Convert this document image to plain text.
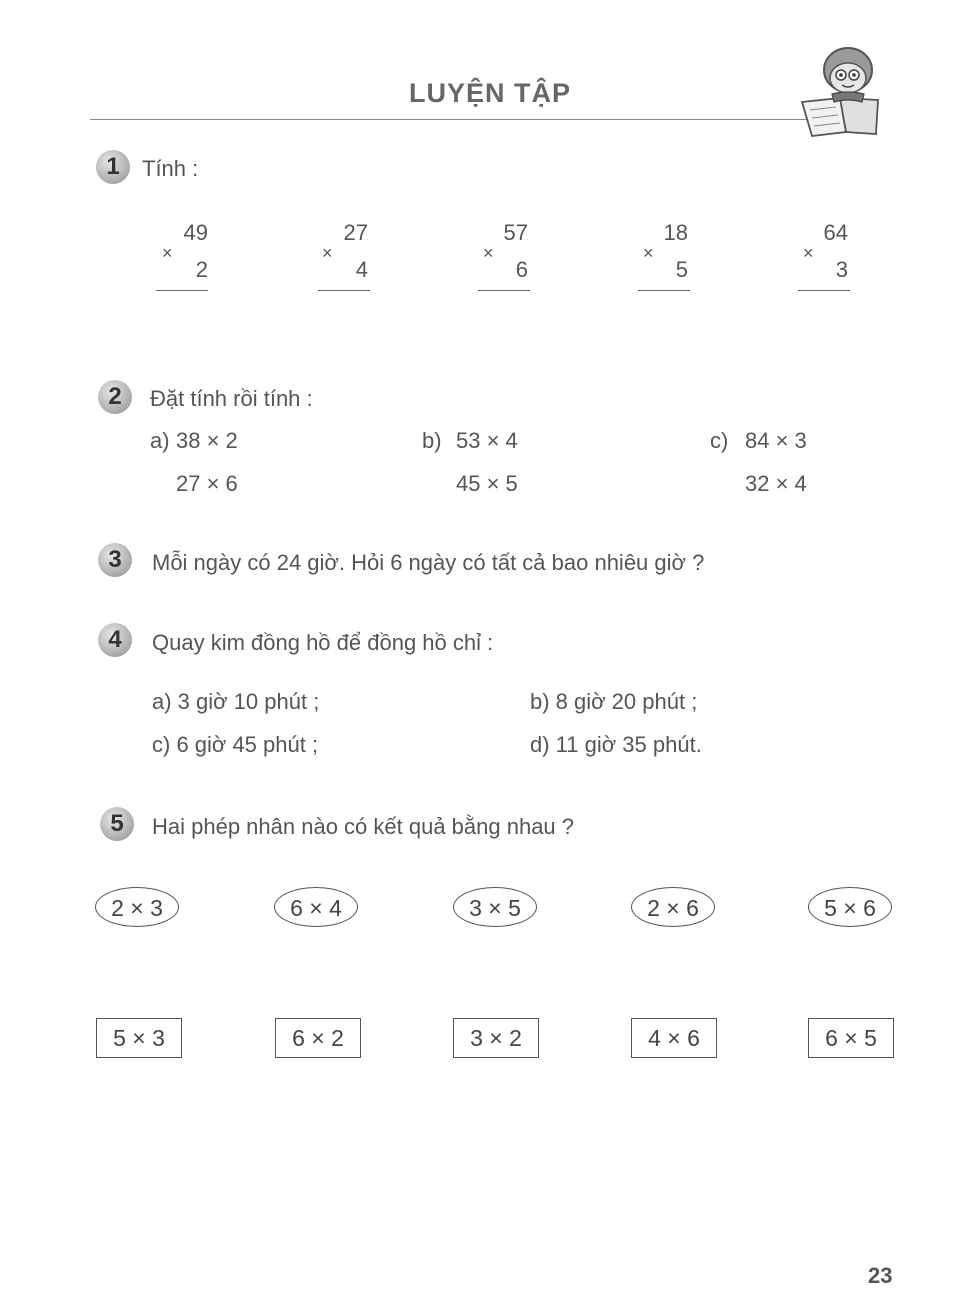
LUYỆN TẬP
1	Tính :
49
×
2
27
×
4
57
×
6
18
×
5
64
×
3
2	Đặt tính rồi tính :
a) 38 × 2
27 × 6
b) 53 × 4
45 × 5
c) 84 × 3
32 × 4
3	Mỗi ngày có 24 giờ. Hỏi 6 ngày có tất cả bao nhiêu giờ ?
4	Quay kim đồng hồ để đồng hồ chỉ :
a) 3 giờ 10 phút ;	b) 8 giờ 20 phút ;
c) 6 giờ 45 phút ;	d) 11 giờ 35 phút.
5	Hai phép nhân nào có kết quả bằng nhau ?
2 × 3	6 × 4	3 × 5	2 × 6	5 × 6
5 × 3	6 × 2	3 × 2	4 × 6	6 × 5
23
